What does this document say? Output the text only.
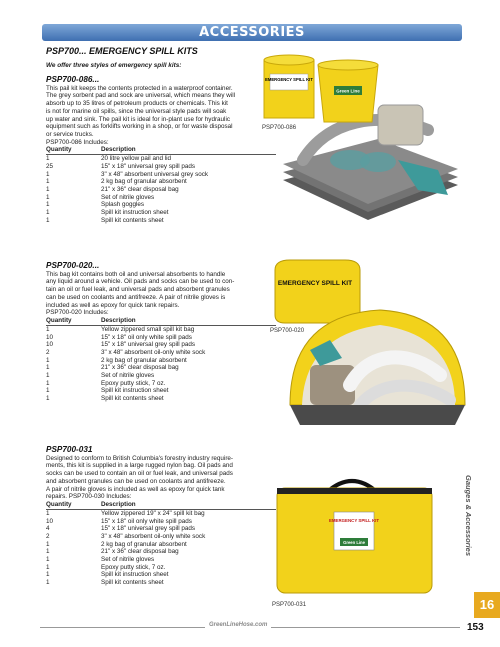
ACCESSORIES
PSP700... EMERGENCY SPILL KITS
We offer three styles of emergency spill kits:
PSP700-086...
This pail kit keeps the contents protected in a waterproof container.
The grey sorbent pad and sock are universal, which means they will
absorb up to 35 litres of petroleum products or chemicals. This kit
is not for marine oil spills, since the universal style pads will soak
up water and sink. The pail kit is ideal for in-plant use for hydraulic
equipment such as forklifts working in a shop, or for waste disposal
or service trucks.
PSP700-086 Includes:
Quantity	Description
1	20 litre yellow pail and lid
25	15" x 18" universal grey spill pads
1	3" x 48" absorbent universal grey sock
1	2 kg bag of granular absorbent
1	21" x 36" clear disposal bag
1	Set of nitrile gloves
1	Splash goggles
1	Spill kit instruction sheet
1	Spill kit contents sheet
PSP700-020...
This bag kit contains both oil and universal absorbents to handle
any liquid around a vehicle. Oil pads and socks can be used to con-
tain an oil or fuel leak, and universal pads and absorbent granules
can be used on coolants and antifreeze. A pair of nitrile gloves is
included as well as epoxy for quick tank repairs.
PSP700-020 Includes:
Quantity	Description
1	Yellow zippered small spill kit bag
10	15" x 18" oil only white spill pads
10	15" x 18" universal grey spill pads
2	3" x 48" absorbent oil-only white sock
1	2 kg bag of granular absorbent
1	21" x 36" clear disposal bag
1	Set of nitrile gloves
1	Epoxy putty stick, 7 oz.
1	Spill kit instruction sheet
1	Spill kit contents sheet
PSP700-031
Designed to conform to British Columbia's forestry industry require-
ments, this kit is supplied in a large rugged nylon bag. Oil pads and
socks can be used to contain an oil or fuel leak, and universal pads
and absorbent granules can be used on coolants and antifreeze.
A pair of nitrile gloves is included as well as epoxy for quick tank
repairs. PSP700-030 Includes:
Quantity	Description
1	Yellow zippered 19" x 24" spill kit bag
10	15" x 18" oil only white spill pads
4	15" x 18" universal grey spill pads
2	3" x 48" absorbent oil-only white sock
1	2 kg bag of granular absorbent
1	21" x 36" clear disposal bag
1	Set of nitrile gloves
1	Epoxy putty stick, 7 oz.
1	Spill kit instruction sheet
1	Spill kit contents sheet
EMERGENCY SPILL KIT
Green Line
PSP700-086
EMERGENCY SPILL KIT
PSP700-020
EMERGENCY SPILL KIT
Green Line
PSP700-031
Gauges & Accessories
16
GreenLineHose.com	153
